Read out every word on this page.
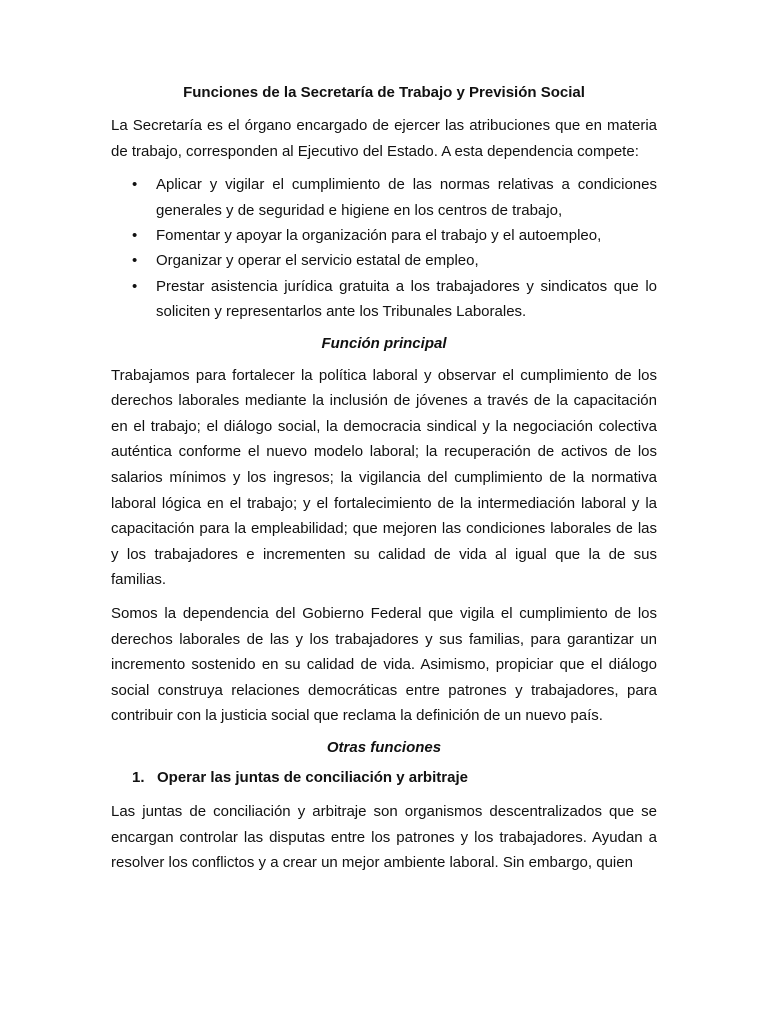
Funciones de la Secretaría de Trabajo y Previsión Social

La Secretaría es el órgano encargado de ejercer las atribuciones que en materia de trabajo, corresponden al Ejecutivo del Estado. A esta dependencia compete:

• Aplicar y vigilar el cumplimiento de las normas relativas a condiciones generales y de seguridad e higiene en los centros de trabajo,
• Fomentar y apoyar la organización para el trabajo y el autoempleo,
• Organizar y operar el servicio estatal de empleo,
• Prestar asistencia jurídica gratuita a los trabajadores y sindicatos que lo soliciten y representarlos ante los Tribunales Laborales.
Función principal

Trabajamos para fortalecer la política laboral y observar el cumplimiento de los derechos laborales mediante la inclusión de jóvenes a través de la capacitación en el trabajo; el diálogo social, la democracia sindical y la negociación colectiva auténtica conforme el nuevo modelo laboral; la recuperación de activos de los salarios mínimos y los ingresos; la vigilancia del cumplimiento de la normativa laboral lógica en el trabajo; y el fortalecimiento de la intermediación laboral y la capacitación para la empleabilidad; que mejoren las condiciones laborales de las y los trabajadores e incrementen su calidad de vida al igual que la de sus familias.

Somos la dependencia del Gobierno Federal que vigila el cumplimiento de los derechos laborales de las y los trabajadores y sus familias, para garantizar un incremento sostenido en su calidad de vida. Asimismo, propiciar que el diálogo social construya relaciones democráticas entre patrones y trabajadores, para contribuir con la justicia social que reclama la definición de un nuevo país.

Otras funciones
1. Operar las juntas de conciliación y arbitraje

Las juntas de conciliación y arbitraje son organismos descentralizados que se encargan controlar las disputas entre los patrones y los trabajadores. Ayudan a resolver los conflictos y a crear un mejor ambiente laboral. Sin embargo, quien
